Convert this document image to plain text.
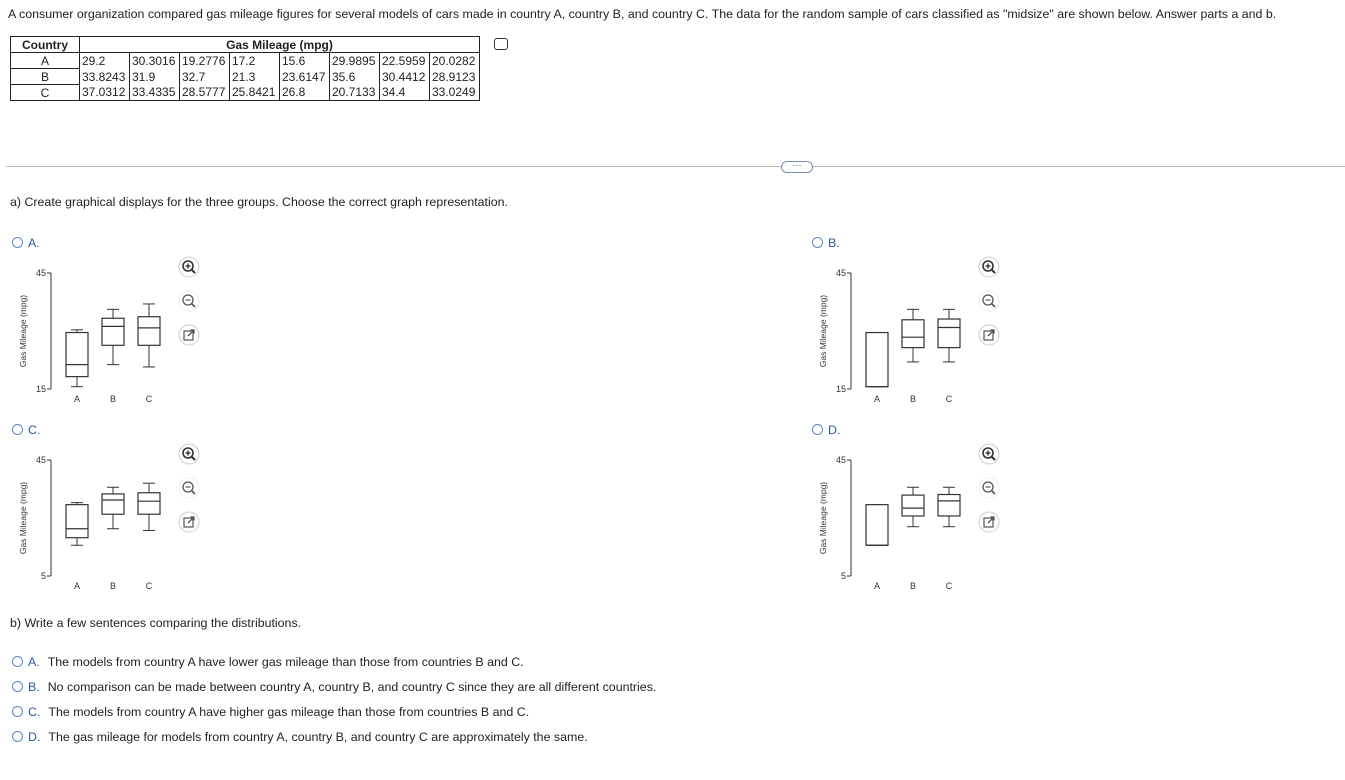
A consumer organization compared gas mileage figures for several models of cars made in country A, country B, and country C. The data for the random sample of cars classified as "midsize" are shown below. Answer parts a and b.
Country	Gas Mileage (mpg)							
A	29.2	30.3016	19.2776	17.2	15.6	29.9895	22.5959	20.0282
B	33.8243	31.9	32.7	21.3	23.6147	35.6	30.4412	28.9123
C	37.0312	33.4335	28.5777	25.8421	26.8	20.7133	34.4	33.0249
···
a) Create graphical displays for the three groups. Choose the correct graph representation.
A.	B.
C.	D.
Gas Mileage (mpg)
45
15
A	B	C
Gas Mileage (mpg)
45
15
A	B	C
Gas Mileage (mpg)
45
5
A	B	C
Gas Mileage (mpg)
45
5
A	B	C

b) Write a few sentences comparing the distributions.
A. The models from country A have lower gas mileage than those from countries B and C.
B. No comparison can be made between country A, country B, and country C since they are all different countries.
C. The models from country A have higher gas mileage than those from countries B and C.
D. The gas mileage for models from country A, country B, and country C are approximately the same.
